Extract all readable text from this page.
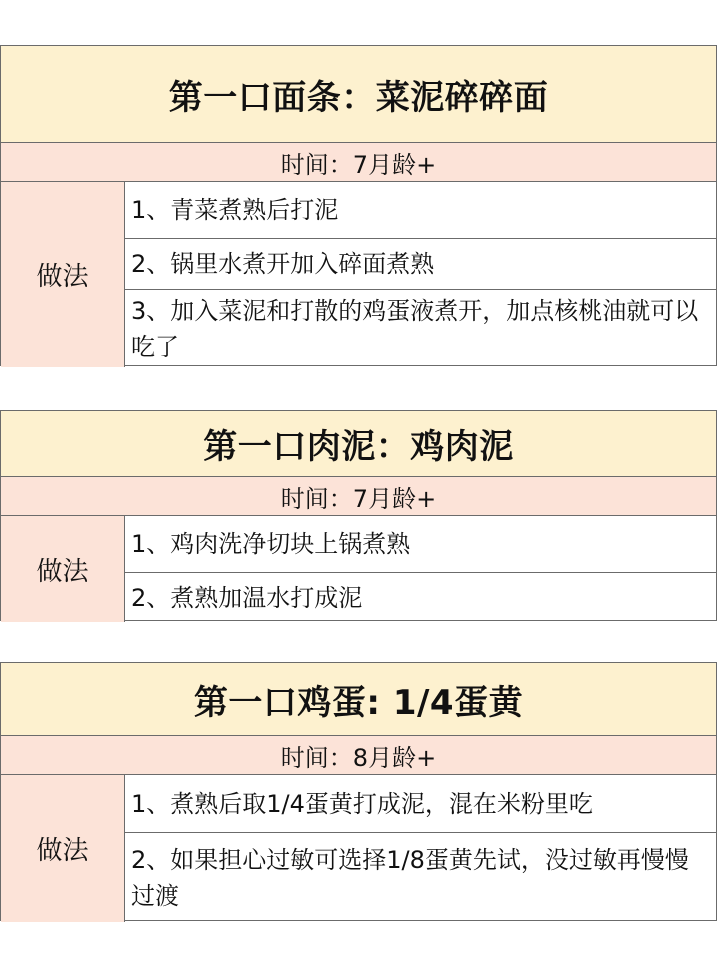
第一口面条：菜泥碎碎面
时间：7月龄+
做法
1、青菜煮熟后打泥
2、锅里水煮开加入碎面煮熟
3、加入菜泥和打散的鸡蛋液煮开，加点核桃油就可以吃了
第一口肉泥：鸡肉泥
时间：7月龄+
做法
1、鸡肉洗净切块上锅煮熟
2、煮熟加温水打成泥
第一口鸡蛋: 1/4蛋黄
时间：8月龄+
做法
1、煮熟后取1/4蛋黄打成泥，混在米粉里吃
2、如果担心过敏可选择1/8蛋黄先试，没过敏再慢慢过渡
